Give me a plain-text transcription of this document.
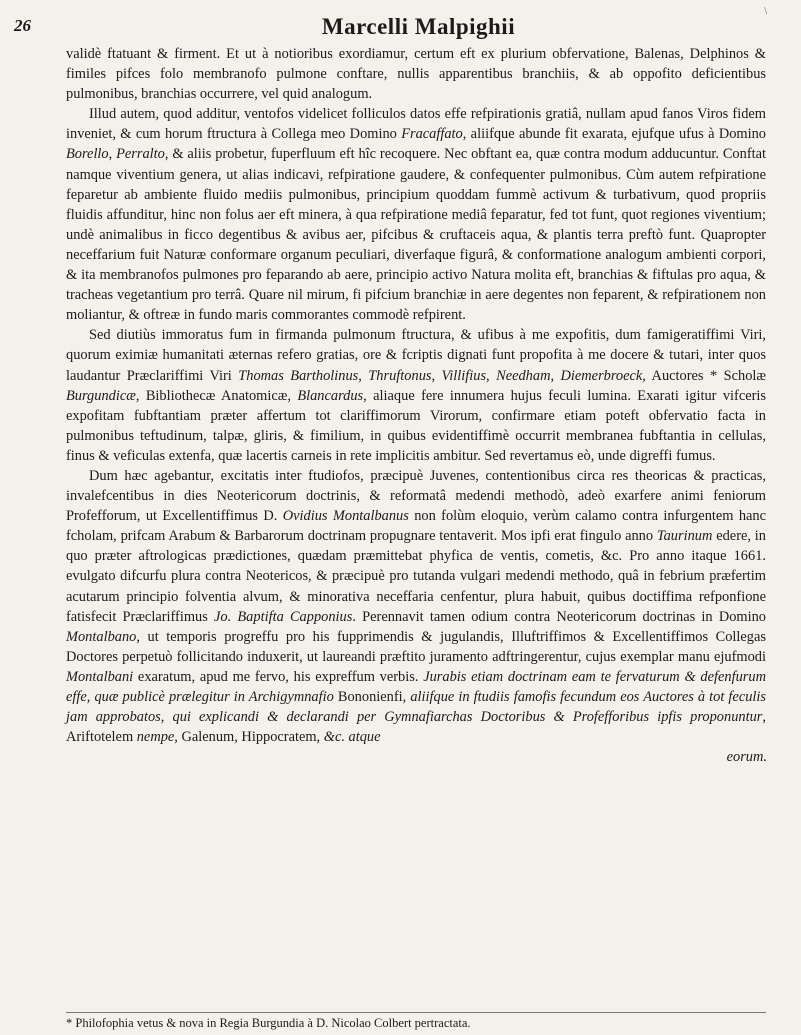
26	Marcelli Malpighii

validè ftatuant & firment. Et ut à notioribus exordiamur, certum eft ex plurium obfervatione, Balenas, Delphinos & fimiles pifces folo membranofo pulmone conftare, nullis apparentibus branchiis, & ab oppofito deficientibus pulmonibus, branchias occurrere, vel quid analogum.

Illud autem, quod additur, ventofos videlicet folliculos datos effe refpirationis gratiâ, nullam apud fanos Viros fidem inveniet, & cum horum ftructura à Collega meo Domino Fracaffato, aliifque abunde fit exarata, ejufque ufus à Domino Borello, Perralto, & aliis probetur, fuperfluum eft hîc recoquere. Nec obftant ea, quæ contra modum adducuntur. Conftat namque viventium genera, ut alias indicavi, refpiratione gaudere, & confequenter pulmonibus. Cùm autem refpiratione feparetur ab ambiente fluido mediis pulmonibus, principium quoddam fummè activum & turbativum, quod propriis fluidis affunditur, hinc non folus aer eft minera, à qua refpiratione mediâ feparatur, fed tot funt, quot regiones viventium; undè animalibus in ficco degentibus & avibus aer, pifcibus & cruftaceis aqua, & plantis terra preftò funt. Quapropter neceffarium fuit Naturæ conformare organum peculiari, diverfaque figurâ, & conformatione analogum ambienti corpori, & ita membranofos pulmones pro feparando ab aere, principio activo Natura molita eft, branchias & fiftulas pro aqua, & tracheas vegetantium pro terrâ. Quare nil mirum, fi pifcium branchiæ in aere degentes non feparent, & refpirationem non moliantur, & oftreæ in fundo maris commorantes commodè refpirent.

Sed diutiùs immoratus fum in firmanda pulmonum ftructura, & ufibus à me expofitis, dum famigeratiffimi Viri, quorum eximiæ humanitati æternas refero gratias, ore & fcriptis dignati funt propofita à me docere & tutari, inter quos laudantur Præclariffimi Viri Thomas Bartholinus, Thruftonus, Villifius, Needham, Diemerbroeck, Auctores * Scholæ Burgundicæ, Bibliothecæ Anatomicæ, Blancardus, aliaque fere innumera hujus feculi lumina. Exarati igitur vifceris expofitam fubftantiam præter affertum tot clariffimorum Virorum, confirmare etiam poteft obfervatio facta in pulmonibus teftudinum, talpæ, gliris, & fimilium, in quibus evidentiffimè occurrit membranea fubftantia in cellulas, finus & veficulas extenfa, quæ lacertis carneis in rete implicitis ambitur. Sed revertamus eò, unde digreffi fumus.

Dum hæc agebantur, excitatis inter ftudiofos, præcipuè Juvenes, contentionibus circa res theoricas & practicas, invalefcentibus in dies Neotericorum doctrinis, & reformatâ medendi methodò, adeò exarfere animi feniorum Profefforum, ut Excellentiffimus D. Ovidius Montalbanus non folùm eloquio, verùm calamo contra infurgentem hanc fcholam, prifcam Arabum & Barbarorum doctrinam propugnare tentaverit. Mos ipfi erat fingulo anno Taurinum edere, in quo præter aftrologicas prædictiones, quædam præmittebat phyfica de ventis, cometis, &c. Pro anno itaque 1661. evulgato difcurfu plura contra Neotericos, & præcipuè pro tutanda vulgari medendi methodo, quâ in febrium præfertim acutarum principio folventia alvum, & minorativa neceffaria cenfentur, plura habuit, quibus doctiffima refponfione fatisfecit Præclariffimus Jo. Baptifta Capponius. Perennavit tamen odium contra Neotericorum doctrinas in Domino Montalbano, ut temporis progreffu pro his fupprimendis & jugulandis, Illuftriffimos & Excellentiffimos Collegas Doctores perpetuò follicitando induxerit, ut laureandi præftito juramento adftringerentur, cujus exemplar manu ejufmodi Montalbani exaratum, apud me fervo, his expreffum verbis. Jurabis etiam doctrinam eam te fervaturum & defenfurum effe, quæ publicè prælegitur in Archigymnafio Bononienfi, aliifque in ftudiis famofis fecundum eos Auctores à tot feculis jam approbatos, qui explicandi & declarandi per Gymnafiarchas Doctoribus & Profefforibus ipfis proponuntur, Ariftotelem nempe, Galenum, Hippocratem, &c. atque

eorum.
\
* Philofophia vetus & nova in Regia Burgundia à D. Nicolao Colbert pertractata.
